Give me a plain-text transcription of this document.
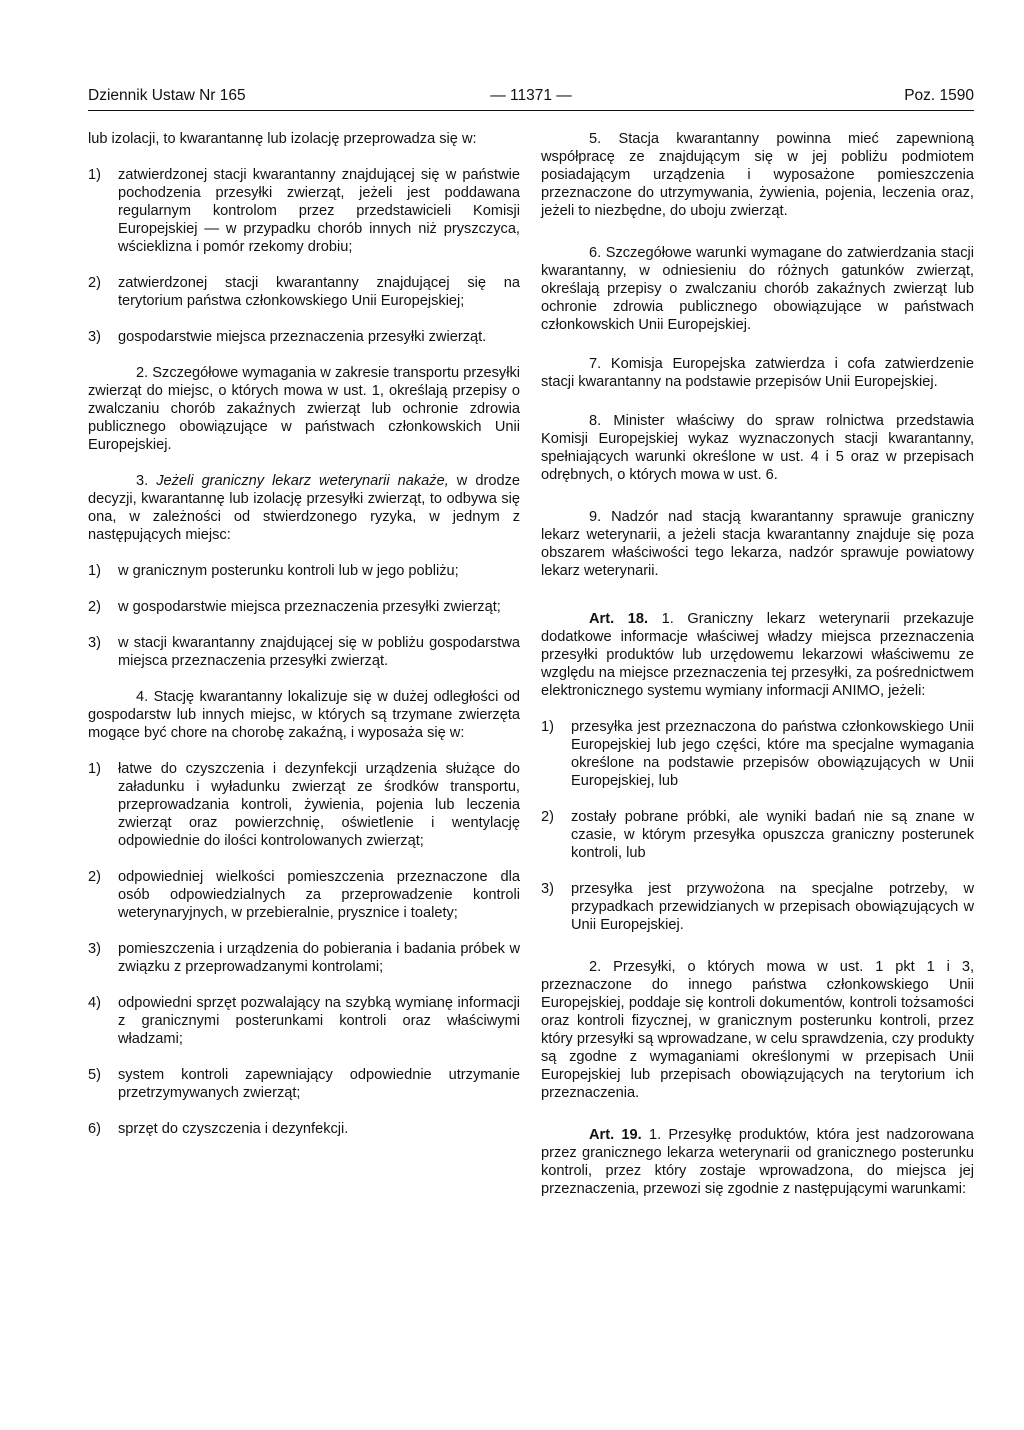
Dziennik Ustaw Nr 165	— 11371 —	Poz. 1590

lub izolacji, to kwarantannę lub izolację przeprowadza się w:

1) zatwierdzonej stacji kwarantanny znajdującej się w państwie pochodzenia przesyłki zwierząt, jeżeli jest poddawana regularnym kontrolom przez przedstawicieli Komisji Europejskiej — w przypadku chorób innych niż pryszczyca, wścieklizna i pomór rzekomy drobiu;
2) zatwierdzonej stacji kwarantanny znajdującej się na terytorium państwa członkowskiego Unii Europejskiej;
3) gospodarstwie miejsca przeznaczenia przesyłki zwierząt.

2. Szczegółowe wymagania w zakresie transportu przesyłki zwierząt do miejsc, o których mowa w ust. 1, określają przepisy o zwalczaniu chorób zakaźnych zwierząt lub ochronie zdrowia publicznego obowiązujące w państwach członkowskich Unii Europejskiej.

3. Jeżeli graniczny lekarz weterynarii nakaże, w drodze decyzji, kwarantannę lub izolację przesyłki zwierząt, to odbywa się ona, w zależności od stwierdzonego ryzyka, w jednym z następujących miejsc:

1) w granicznym posterunku kontroli lub w jego pobliżu;
2) w gospodarstwie miejsca przeznaczenia przesyłki zwierząt;
3) w stacji kwarantanny znajdującej się w pobliżu gospodarstwa miejsca przeznaczenia przesyłki zwierząt.

4. Stację kwarantanny lokalizuje się w dużej odległości od gospodarstw lub innych miejsc, w których są trzymane zwierzęta mogące być chore na chorobę zakaźną, i wyposaża się w:

1) łatwe do czyszczenia i dezynfekcji urządzenia służące do załadunku i wyładunku zwierząt ze środków transportu, przeprowadzania kontroli, żywienia, pojenia lub leczenia zwierząt oraz powierzchnię, oświetlenie i wentylację odpowiednie do ilości kontrolowanych zwierząt;
2) odpowiedniej wielkości pomieszczenia przeznaczone dla osób odpowiedzialnych za przeprowadzenie kontroli weterynaryjnych, w przebieralnie, prysznice i toalety;
3) pomieszczenia i urządzenia do pobierania i badania próbek w związku z przeprowadzanymi kontrolami;
4) odpowiedni sprzęt pozwalający na szybką wymianę informacji z granicznymi posterunkami kontroli oraz właściwymi władzami;
5) system kontroli zapewniający odpowiednie utrzymanie przetrzymywanych zwierząt;
6) sprzęt do czyszczenia i dezynfekcji.

5. Stacja kwarantanny powinna mieć zapewnioną współpracę ze znajdującym się w jej pobliżu podmiotem posiadającym urządzenia i wyposażone pomieszczenia przeznaczone do utrzymywania, żywienia, pojenia, leczenia oraz, jeżeli to niezbędne, do uboju zwierząt.

6. Szczegółowe warunki wymagane do zatwierdzania stacji kwarantanny, w odniesieniu do różnych gatunków zwierząt, określają przepisy o zwalczaniu chorób zakaźnych zwierząt lub ochronie zdrowia publicznego obowiązujące w państwach członkowskich Unii Europejskiej.

7. Komisja Europejska zatwierdza i cofa zatwierdzenie stacji kwarantanny na podstawie przepisów Unii Europejskiej.

8. Minister właściwy do spraw rolnictwa przedstawia Komisji Europejskiej wykaz wyznaczonych stacji kwarantanny, spełniających warunki określone w ust. 4 i 5 oraz w przepisach odrębnych, o których mowa w ust. 6.

9. Nadzór nad stacją kwarantanny sprawuje graniczny lekarz weterynarii, a jeżeli stacja kwarantanny znajduje się poza obszarem właściwości tego lekarza, nadzór sprawuje powiatowy lekarz weterynarii.

Art. 18. 1. Graniczny lekarz weterynarii przekazuje dodatkowe informacje właściwej władzy miejsca przeznaczenia przesyłki produktów lub urzędowemu lekarzowi właściwemu ze względu na miejsce przeznaczenia tej przesyłki, za pośrednictwem elektronicznego systemu wymiany informacji ANIMO, jeżeli:

1) przesyłka jest przeznaczona do państwa członkowskiego Unii Europejskiej lub jego części, które ma specjalne wymagania określone na podstawie przepisów obowiązujących w Unii Europejskiej, lub
2) zostały pobrane próbki, ale wyniki badań nie są znane w czasie, w którym przesyłka opuszcza graniczny posterunek kontroli, lub
3) przesyłka jest przywożona na specjalne potrzeby, w przypadkach przewidzianych w przepisach obowiązujących w Unii Europejskiej.

2. Przesyłki, o których mowa w ust. 1 pkt 1 i 3, przeznaczone do innego państwa członkowskiego Unii Europejskiej, poddaje się kontroli dokumentów, kontroli tożsamości oraz kontroli fizycznej, w granicznym posterunku kontroli, przez który przesyłki są wprowadzane, w celu sprawdzenia, czy produkty są zgodne z wymaganiami określonymi w przepisach Unii Europejskiej lub przepisach obowiązujących na terytorium ich przeznaczenia.

Art. 19. 1. Przesyłkę produktów, która jest nadzorowana przez granicznego lekarza weterynarii od granicznego posterunku kontroli, przez który zostaje wprowadzona, do miejsca jej przeznaczenia, przewozi się zgodnie z następującymi warunkami:
